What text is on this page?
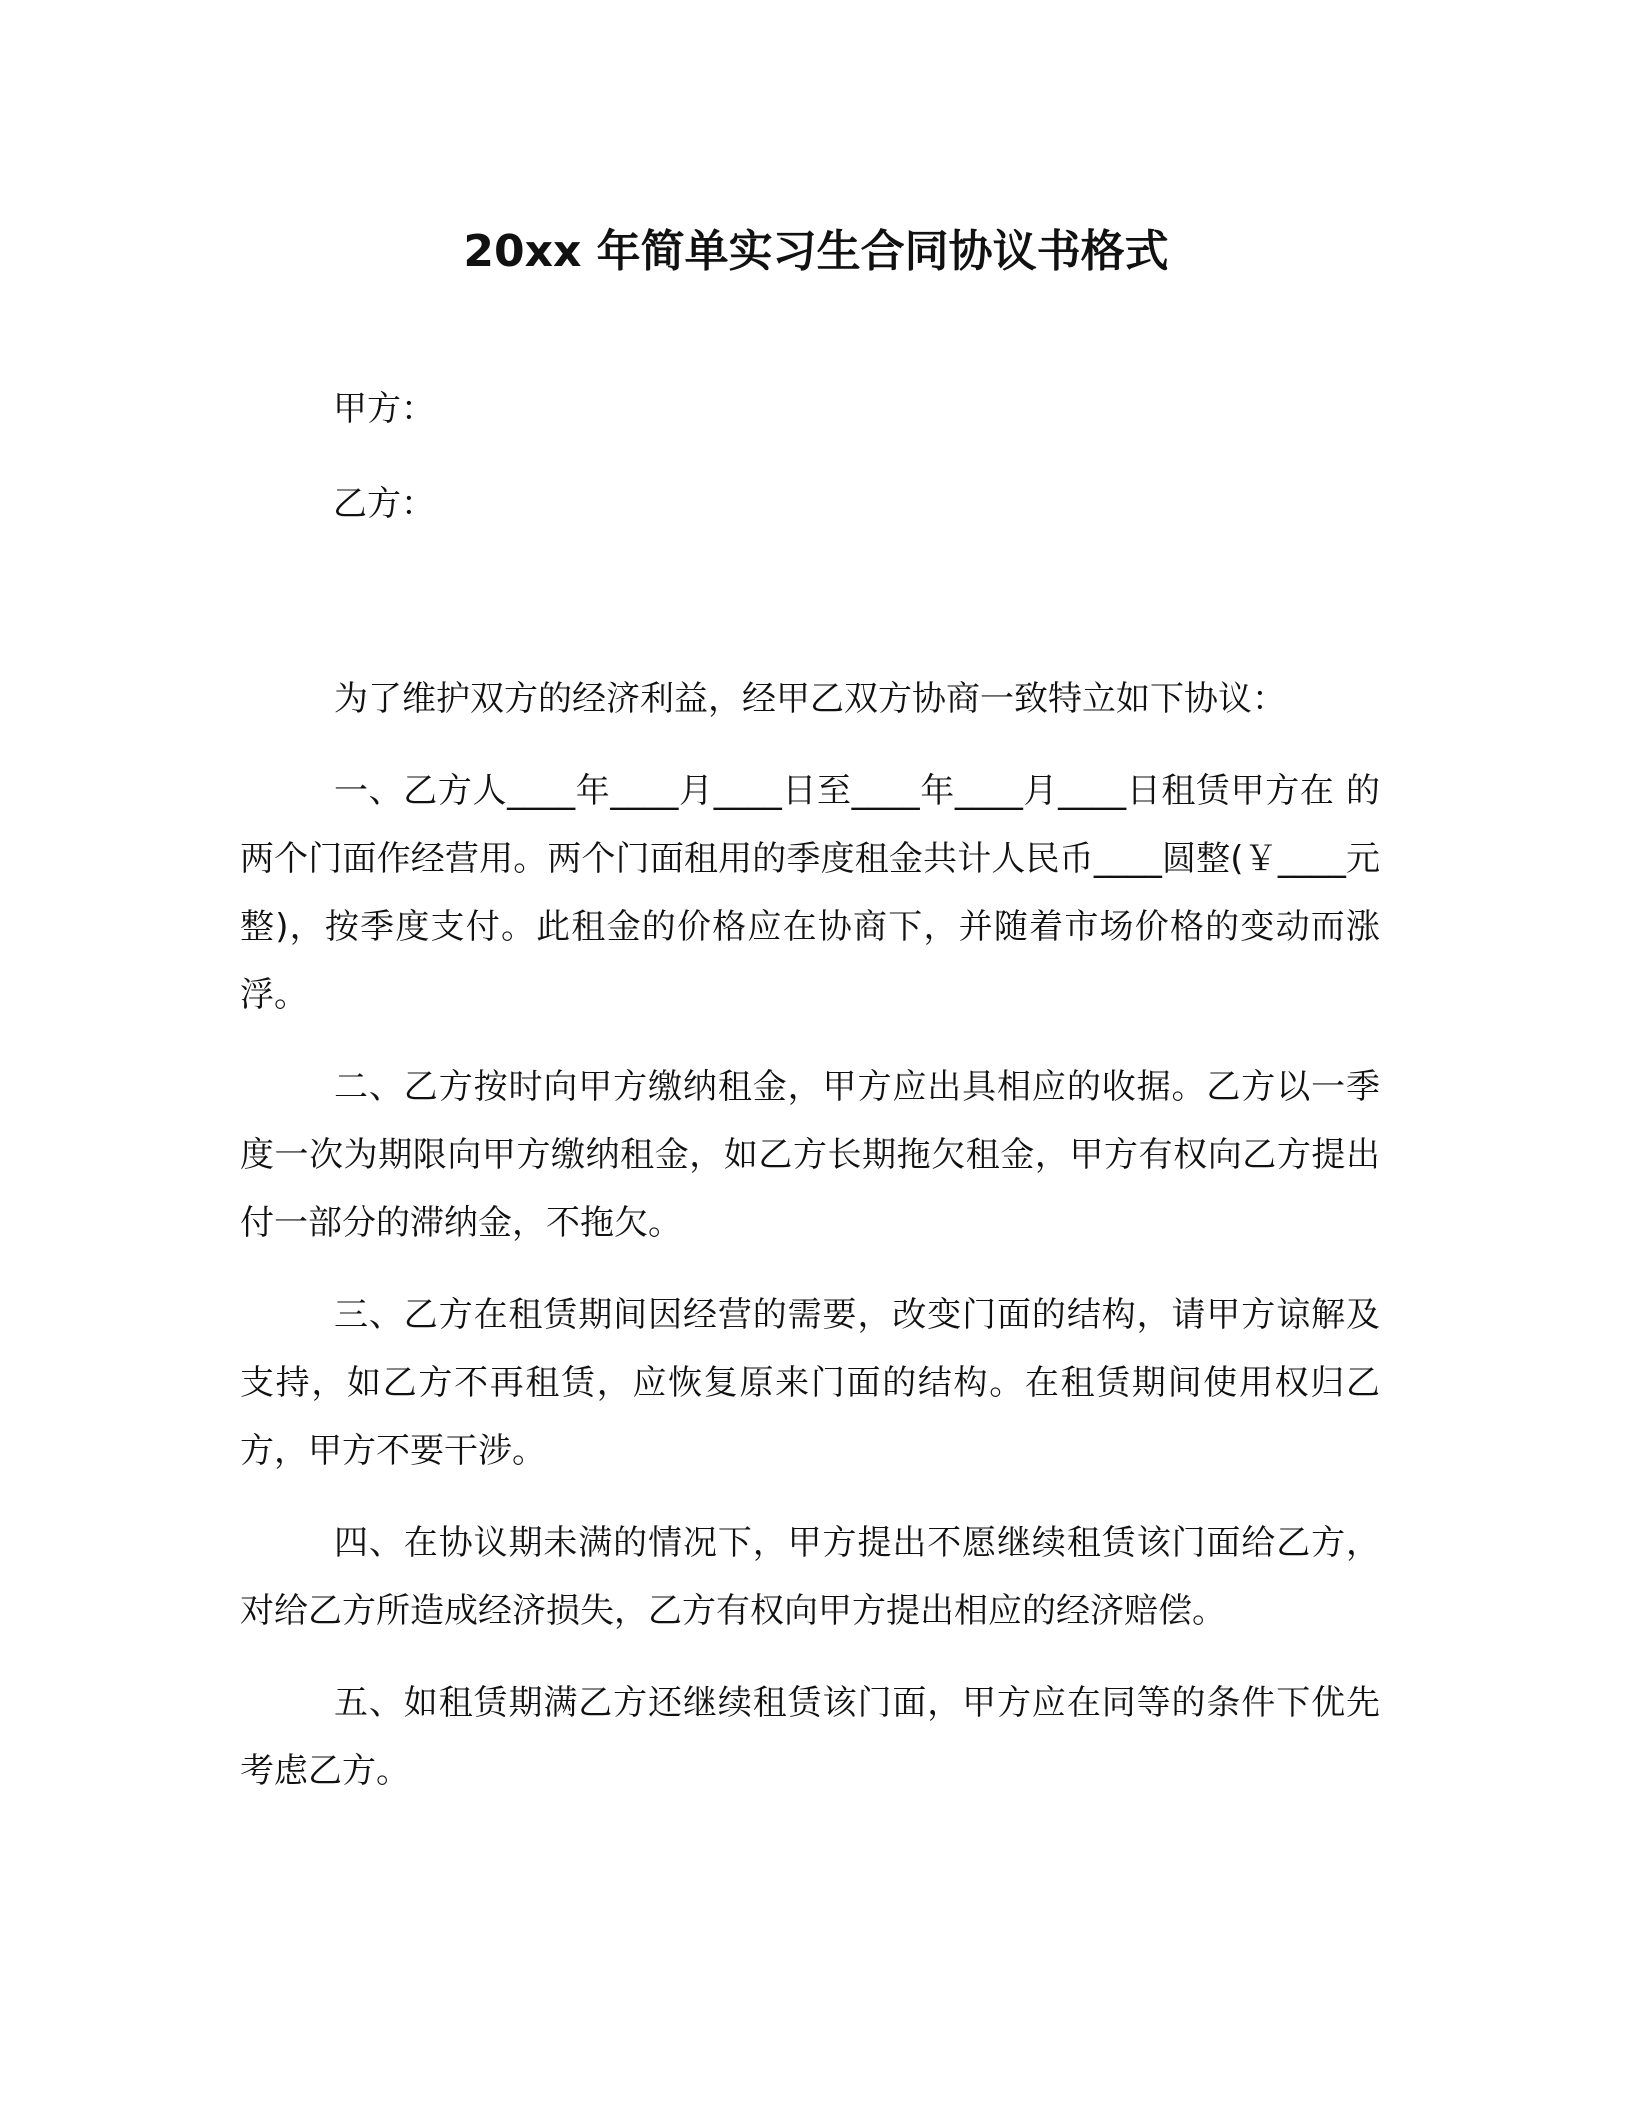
20xx 年简单实习生合同协议书格式
甲方：
乙方：

为了维护双方的经济利益，经甲乙双方协商一致特立如下协议：

一、乙方人____年____月____日至____年____月____日租赁甲方在 的两个门面作经营用。两个门面租用的季度租金共计人民币____圆整(￥____元整)，按季度支付。此租金的价格应在协商下，并随着市场价格的变动而涨浮。

二、乙方按时向甲方缴纳租金，甲方应出具相应的收据。乙方以一季度一次为期限向甲方缴纳租金，如乙方长期拖欠租金，甲方有权向乙方提出付一部分的滞纳金，不拖欠。

三、乙方在租赁期间因经营的需要，改变门面的结构，请甲方谅解及支持，如乙方不再租赁，应恢复原来门面的结构。在租赁期间使用权归乙方，甲方不要干涉。

四、在协议期未满的情况下，甲方提出不愿继续租赁该门面给乙方，对给乙方所造成经济损失，乙方有权向甲方提出相应的经济赔偿。

五、如租赁期满乙方还继续租赁该门面，甲方应在同等的条件下优先考虑乙方。
